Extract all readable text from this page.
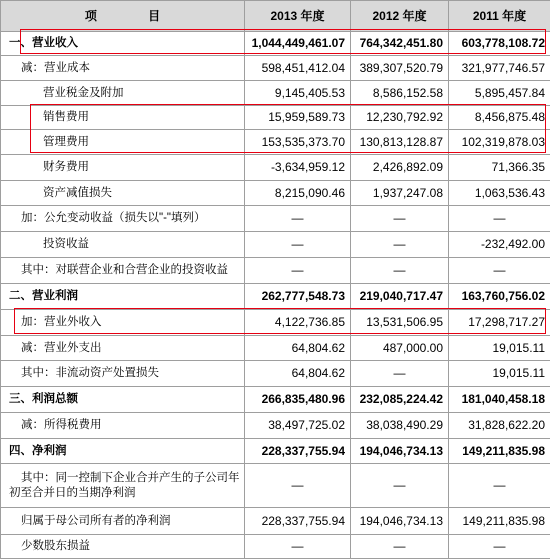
项 目	2013 年度	2012 年度	2011 年度
一、营业收入	1,044,449,461.07	764,342,451.80	603,778,108.72
减：营业成本	598,451,412.04	389,307,520.79	321,977,746.57
营业税金及附加	9,145,405.53	8,586,152.58	5,895,457.84
销售费用	15,959,589.73	12,230,792.92	8,456,875.48
管理费用	153,535,373.70	130,813,128.87	102,319,878.03
财务费用	-3,634,959.12	2,426,892.09	71,366.35
资产减值损失	8,215,090.46	1,937,247.08	1,063,536.43
加：公允变动收益（损失以"-"填列）	—	—	—
投资收益	—	—	-232,492.00
其中：对联营企业和合营企业的投资收益	—	—	—
二、营业利润	262,777,548.73	219,040,717.47	163,760,756.02
加：营业外收入	4,122,736.85	13,531,506.95	17,298,717.27
减：营业外支出	64,804.62	487,000.00	19,015.11
其中：非流动资产处置损失	64,804.62	—	19,015.11
三、利润总额	266,835,480.96	232,085,224.42	181,040,458.18
减：所得税费用	38,497,725.02	38,038,490.29	31,828,622.20
四、净利润	228,337,755.94	194,046,734.13	149,211,835.98
其中：同一控制下企业合并产生的子公司年初至合并日的当期净利润	—	—	—
归属于母公司所有者的净利润	228,337,755.94	194,046,734.13	149,211,835.98
少数股东损益	—	—	—
